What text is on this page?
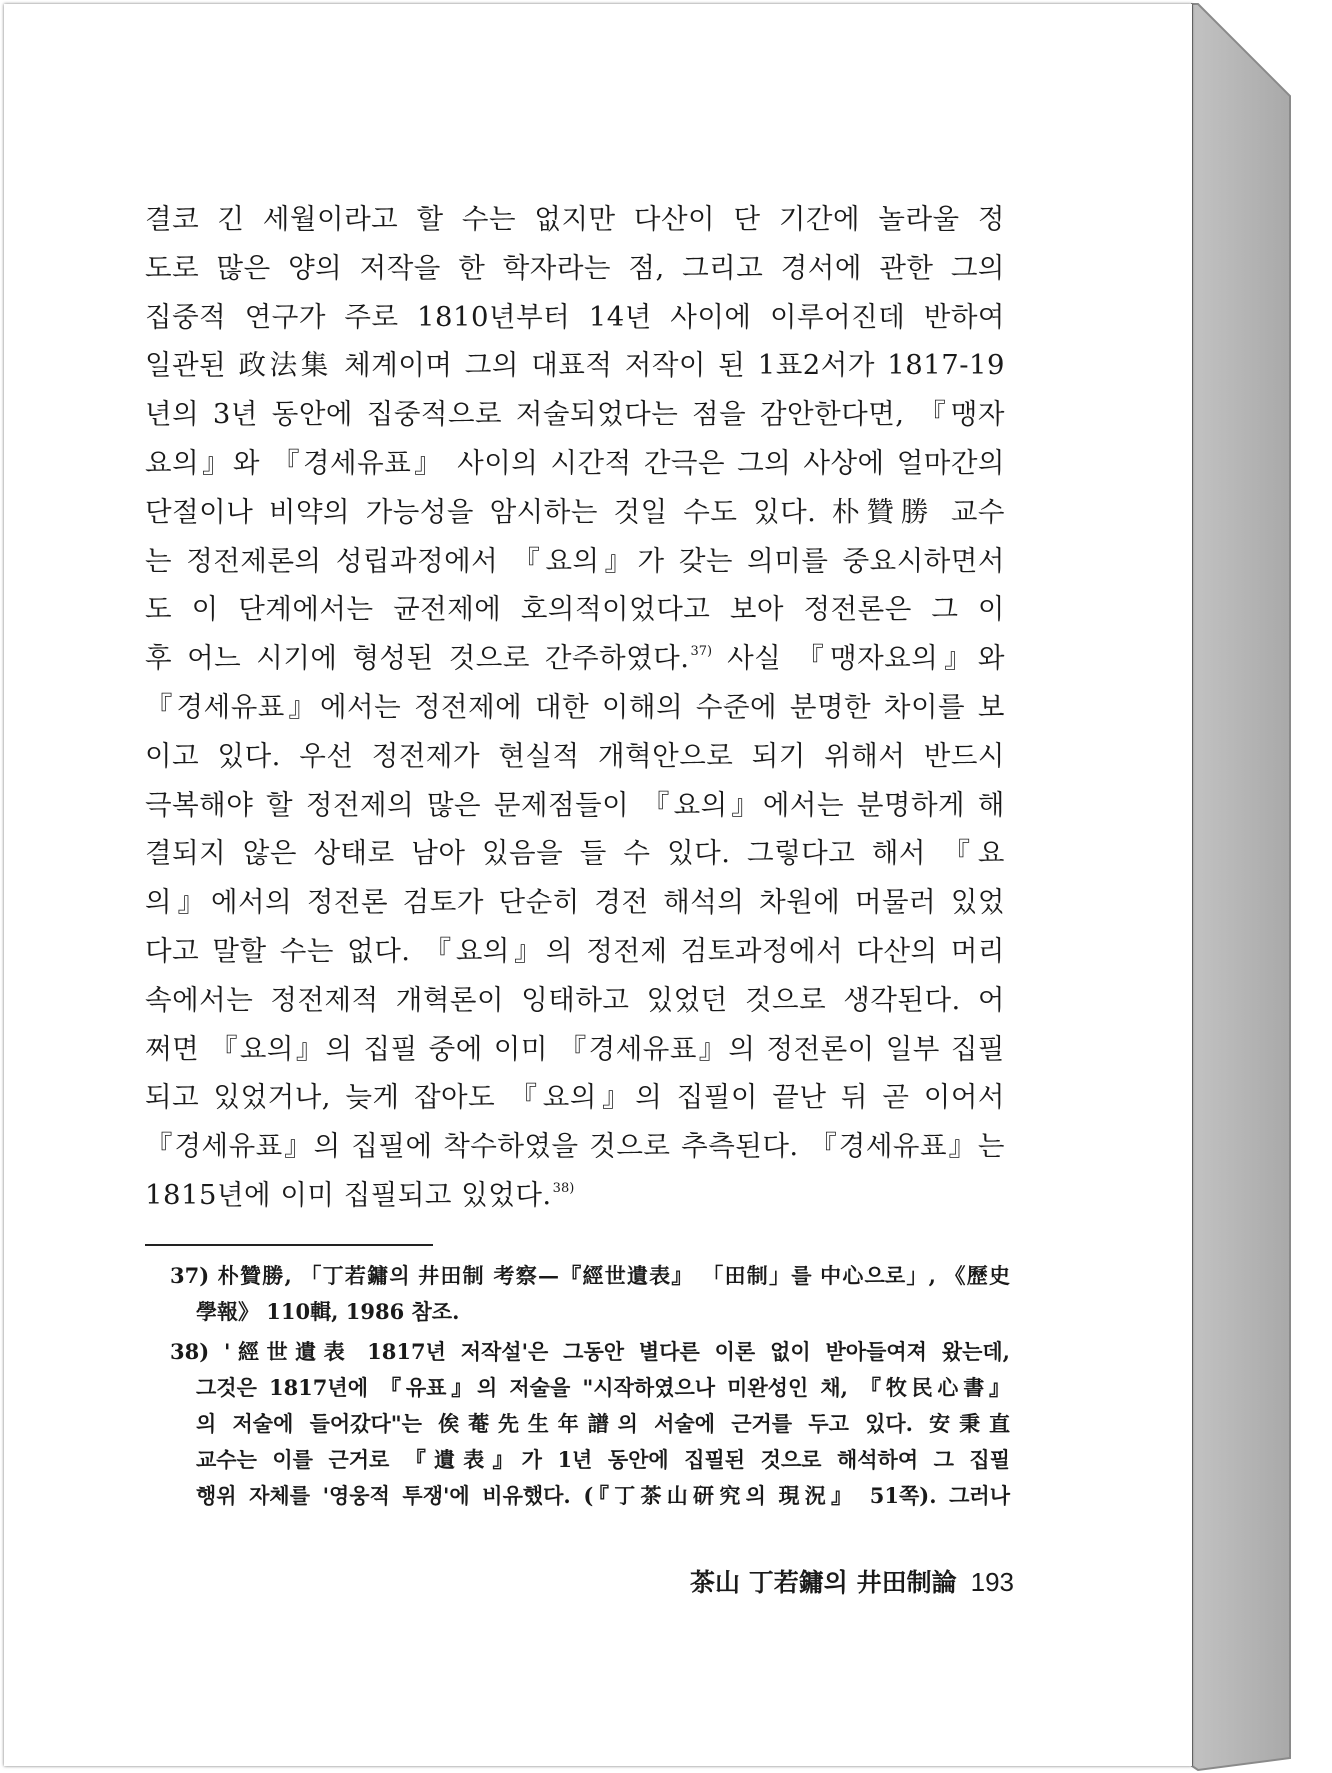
결코 긴 세월이라고 할 수는 없지만 다산이 단 기간에 놀라울 정
도로 많은 양의 저작을 한 학자라는 점, 그리고 경서에 관한 그의
집중적 연구가 주로 1810년부터 14년 사이에 이루어진데 반하여
일관된 政法集 체계이며 그의 대표적 저작이 된 1표2서가 1817-19
년의 3년 동안에 집중적으로 저술되었다는 점을 감안한다면, 『맹자
요의』와 『경세유표』 사이의 시간적 간극은 그의 사상에 얼마간의
단절이나 비약의 가능성을 암시하는 것일 수도 있다. 朴贊勝 교수
는 정전제론의 성립과정에서 『요의』가 갖는 의미를 중요시하면서
도 이 단계에서는 균전제에 호의적이었다고 보아 정전론은 그 이
후 어느 시기에 형성된 것으로 간주하였다.$^{37)}$ 사실 『맹자요의』와
『경세유표』에서는 정전제에 대한 이해의 수준에 분명한 차이를 보
이고 있다. 우선 정전제가 현실적 개혁안으로 되기 위해서 반드시
극복해야 할 정전제의 많은 문제점들이 『요의』에서는 분명하게 해
결되지 않은 상태로 남아 있음을 들 수 있다. 그렇다고 해서 『요
의』에서의 정전론 검토가 단순히 경전 해석의 차원에 머물러 있었
다고 말할 수는 없다. 『요의』의 정전제 검토과정에서 다산의 머리
속에서는 정전제적 개혁론이 잉태하고 있었던 것으로 생각된다. 어
쩌면 『요의』의 집필 중에 이미 『경세유표』의 정전론이 일부 집필
되고 있었거나, 늦게 잡아도 『요의』의 집필이 끝난 뒤 곧 이어서
『경세유표』의 집필에 착수하였을 것으로 추측된다. 『경세유표』는
1815년에 이미 집필되고 있었다.$^{38)}$
37) 朴贊勝, 「丁若鏞의 井田制 考察—『經世遺表』 「田制」를 中心으로」, 《歷史
學報》 110輯, 1986 참조.
38) '經世遺表 1817년 저작설'은 그동안 별다른 이론 없이 받아들여져 왔는데,
그것은 1817년에 『유표』의 저술을 "시작하였으나 미완성인 채, 『牧民心書』
의 저술에 들어갔다"는 俟菴先生年譜의 서술에 근거를 두고 있다. 安秉直
교수는 이를 근거로 『遺表』가 1년 동안에 집필된 것으로 해석하여 그 집필
행위 자체를 '영웅적 투쟁'에 비유했다. (『丁茶山研究의 現況』 51쪽). 그러나
茶山 丁若鏞의 井田制論 193
